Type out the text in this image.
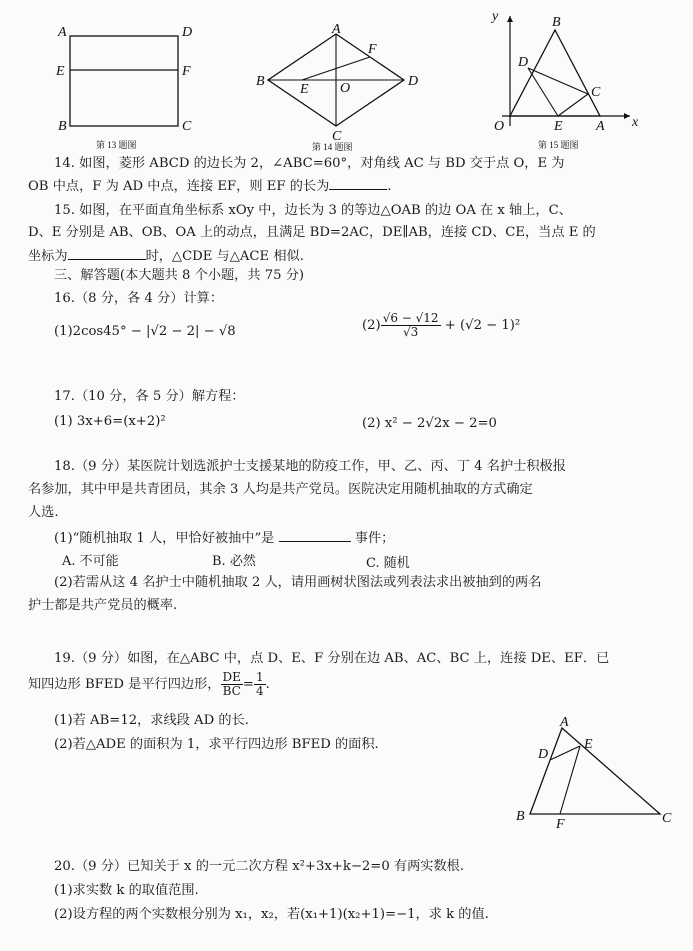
A	D
E	F
B	C
第 13 题图
A
F
B
E O	D
C
第 14 题图
y	B
D
C
O	E A x
第 15 题图
14. 如图，菱形 ABCD 的边长为 2，∠ABC=60°，对角线 AC 与 BD 交于点 O，E 为
OB 中点，F 为 AD 中点，连接 EF，则 EF 的长为	.
15. 如图，在平面直角坐标系 xOy 中，边长为 3 的等边△OAB 的边 OA 在 x 轴上，C、
D、E 分别是 AB、OB、OA 上的动点，且满足 BD=2AC，DE∥AB，连接 CD、CE，当点 E 的
坐标为	时，△CDE 与△ACE 相似.
三、解答题(本大题共 8 个小题，共 75 分)
16.（8 分，各 4 分）计算：
(1)2cos45° − |√2 − 2| − √8	$(2) \frac{√6 - √12}{√3} + (√2 - 1)^2$
17.（10 分，各 5 分）解方程：
(1) 3x+6=(x+2)²	(2) x² − 2√2x − 2=0
18.（9 分）某医院计划选派护士支援某地的防疫工作，甲、乙、丙、丁 4 名护士积极报
名参加，其中甲是共青团员，其余 3 人均是共产党员。医院决定用随机抽取的方式确定
人选.
(1)“随机抽取 1 人，甲恰好被抽中”是	事件；
A. 不可能	B. 必然	C. 随机
(2)若需从这 4 名护士中随机抽取 2 人，请用画树状图法或列表法求出被抽到的两名
护士都是共产党员的概率.
19.（9 分）如图，在△ABC 中，点 D、E、F 分别在边 AB、AC、BC 上，连接 DE、EF．已
知四边形 BFED 是平行四边形， $\frac{DE}{BC} = \frac{1}{4}$ .
(1)若 AB=12，求线段 AD 的长.
(2)若△ADE 的面积为 1，求平行四边形 BFED 的面积.
A
D
E
B
F	C
20.（9 分）已知关于 x 的一元二次方程 x²+3x+k−2=0 有两实数根.
(1)求实数 k 的取值范围.
(2)设方程的两个实数根分别为 x₁，x₂，若(x₁+1)(x₂+1)=−1，求 k 的值.
